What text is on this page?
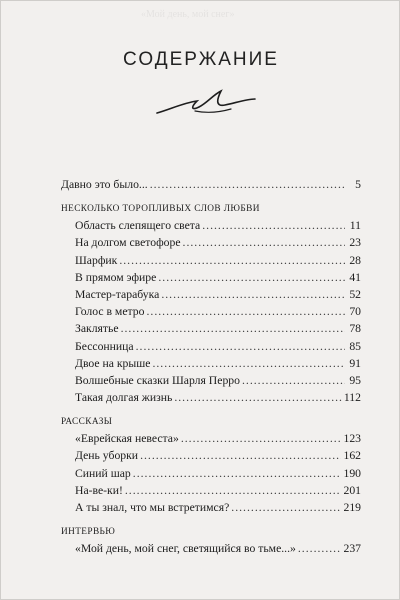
«Мой день, мой снег»
СОДЕРЖАНИЕ
Давно это было... .....	5
НЕСКОЛЬКО ТОРОПЛИВЫХ СЛОВ ЛЮБВИ
Область слепящего света .....	11
На долгом светофоре .....	23
Шарфик .....	28
В прямом эфире .....	41
Мастер-тарабука .....	52
Голос в метро .....	70
Заклятье .....	78
Бессонница .....	85
Двое на крыше .....	91
Волшебные сказки Шарля Перро .....	95
Такая долгая жизнь .....	112
РАССКАЗЫ
«Еврейская невеста» .....	123
День уборки .....	162
Синий шар .....	190
На-ве-ки! .....	201
А ты знал, что мы встретимся? .....	219
ИНТЕРВЬЮ
«Мой день, мой снег, светящийся во тьме...» .....	237
